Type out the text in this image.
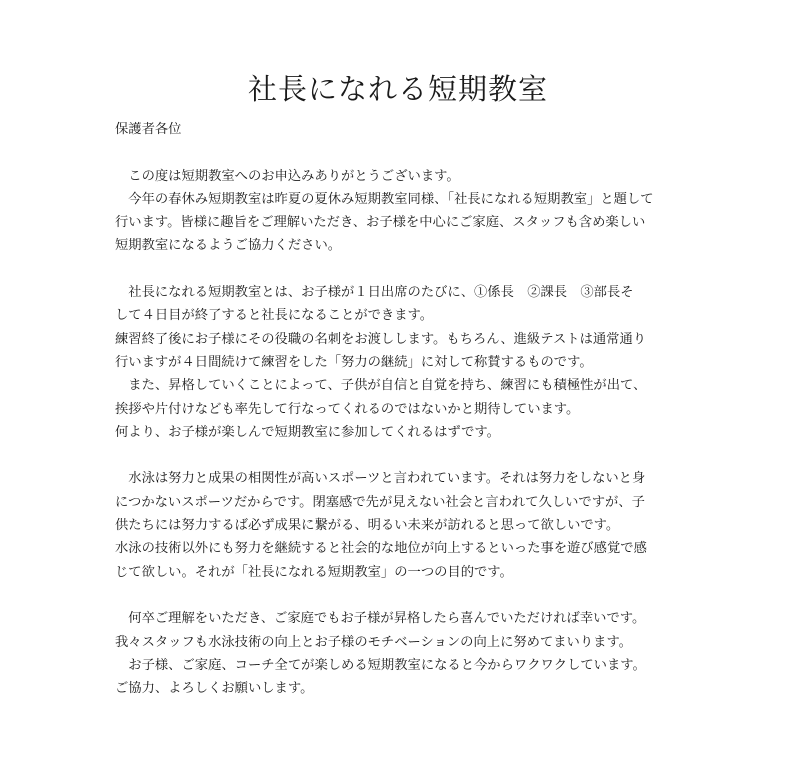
社長になれる短期教室
保護者各位
　この度は短期教室へのお申込みありがとうございます。
　今年の春休み短期教室は昨夏の夏休み短期教室同様、「社長になれる短期教室」と題して
行います。皆様に趣旨をご理解いただき、お子様を中心にご家庭、スタッフも含め楽しい
短期教室になるようご協力ください。
　社長になれる短期教室とは、お子様が１日出席のたびに、①係長　②課長　③部長そ
して４日目が終了すると社長になることができます。
練習終了後にお子様にその役職の名刺をお渡しします。もちろん、進級テストは通常通り
行いますが４日間続けて練習をした「努力の継続」に対して称賛するものです。
　また、昇格していくことによって、子供が自信と自覚を持ち、練習にも積極性が出て、
挨拶や片付けなども率先して行なってくれるのではないかと期待しています。
何より、お子様が楽しんで短期教室に参加してくれるはずです。
　水泳は努力と成果の相関性が高いスポーツと言われています。それは努力をしないと身
につかないスポーツだからです。閉塞感で先が見えない社会と言われて久しいですが、子
供たちには努力するば必ず成果に繋がる、明るい未来が訪れると思って欲しいです。
水泳の技術以外にも努力を継続すると社会的な地位が向上するといった事を遊び感覚で感
じて欲しい。それが「社長になれる短期教室」の一つの目的です。
　何卒ご理解をいただき、ご家庭でもお子様が昇格したら喜んでいただければ幸いです。
我々スタッフも水泳技術の向上とお子様のモチベーションの向上に努めてまいります。
　お子様、ご家庭、コーチ全てが楽しめる短期教室になると今からワクワクしています。
ご協力、よろしくお願いします。
